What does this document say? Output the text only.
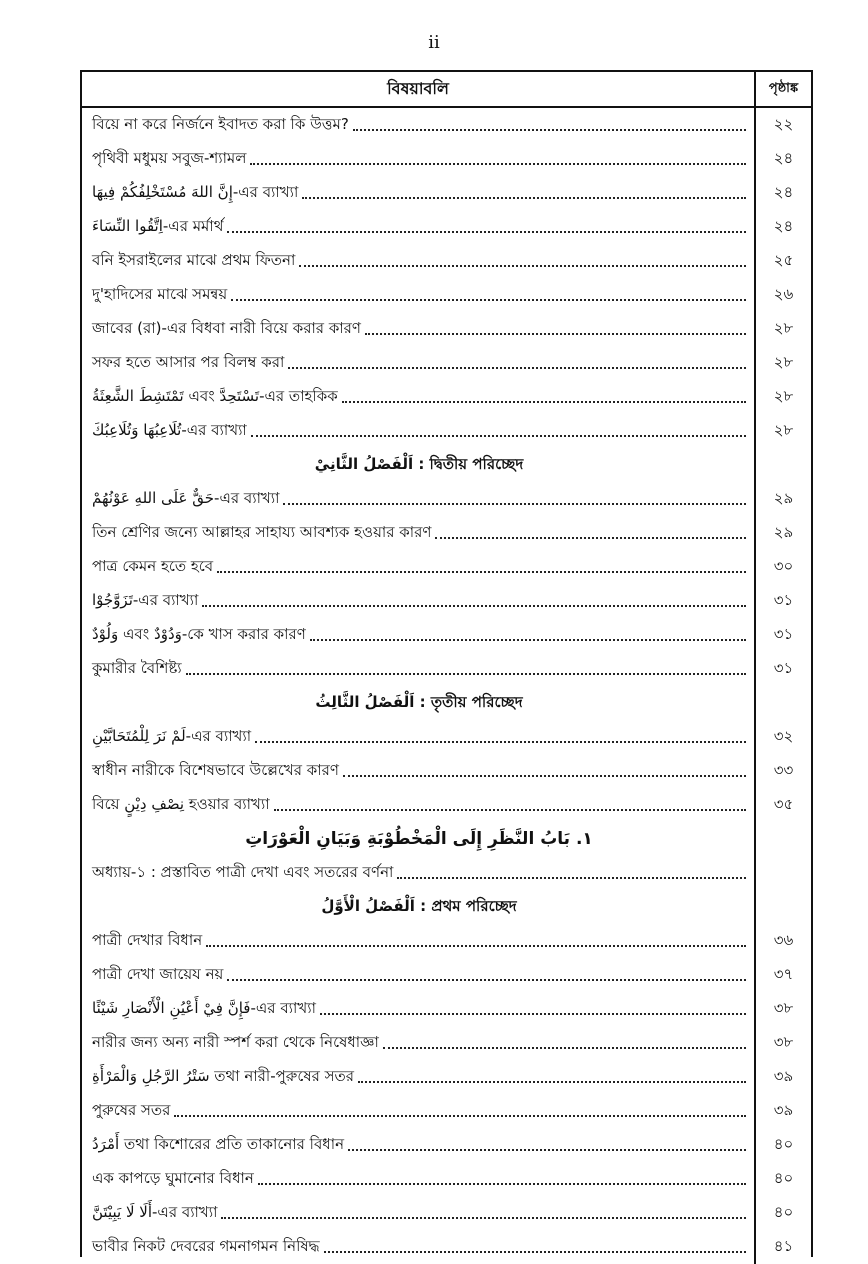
ii
বিষয়াবলি	পৃষ্ঠাঙ্ক
বিয়ে না করে নির্জনে ইবাদত করা কি উত্তম?	২২
পৃথিবী মধুময় সবুজ-শ্যামল	২৪
إِنَّ اللهَ مُسْتَخْلِفُكُمْ فِيهَا-এর ব্যাখ্যা	২৪
اِتَّقُوا النِّسَاءَ-এর মর্মার্থ	২৪
বনি ইসরাইলের মাঝে প্রথম ফিতনা	২৫
দু'হাদিসের মাঝে সমন্বয়	২৬
জাবের (রা)-এর বিধবা নারী বিয়ে করার কারণ	২৮
সফর হতে আসার পর বিলম্ব করা	২৮
تَمْتَشِطَ الشَّعِثَةُ এবং تَسْتَحِدَّ-এর তাহকিক	২৮
تُلَاعِبُهَا وَتُلَاعِبُكَ-এর ব্যাখ্যা	২৮
اَلْفَصْلُ الثَّانِيْ : দ্বিতীয় পরিচ্ছেদ
حَقٌّ عَلَى اللهِ عَوْنُهُمْ-এর ব্যাখ্যা	২৯
তিন শ্রেণির জন্যে আল্লাহর সাহায্য আবশ্যক হওয়ার কারণ	২৯
পাত্র কেমন হতে হবে	৩০
تَزَوَّجُوْا-এর ব্যাখ্যা	৩১
وَلُوْدٌ এবং وَدُوْدٌ-কে খাস করার কারণ	৩১
কুমারীর বৈশিষ্ট্য	৩১
اَلْفَصْلُ الثَّالِثُ : তৃতীয় পরিচ্ছেদ
لَمْ نَرَ لِلْمُتَحَابَّيْنِ-এর ব্যাখ্যা	৩২
স্বাধীন নারীকে বিশেষভাবে উল্লেখের কারণ	৩৩
বিয়ে نِصْفِ دِيْنٍ হওয়ার ব্যাখ্যা	৩৫
١. بَابُ النَّظَرِ إِلَى الْمَخْطُوْبَةِ وَبَيَانِ الْعَوْرَاتِ
অধ্যায়-১ : প্রস্তাবিত পাত্রী দেখা এবং সতরের বর্ণনা
اَلْفَصْلُ الْأَوَّلُ : প্রথম পরিচ্ছেদ
পাত্রী দেখার বিধান	৩৬
পাত্রী দেখা জায়েয নয়	৩৭
فَإِنَّ فِيْ أَعْيُنِ الْأَنْصَارِ شَيْئًا-এর ব্যাখ্যা	৩৮
নারীর জন্য অন্য নারী স্পর্শ করা থেকে নিষেধাজ্ঞা	৩৮
سَتْرُ الرَّجُلِ وَالْمَرْأَةِ তথা নারী-পুরুষের সতর	৩৯
পুরুষের সতর	৩৯
أَمْرَدُ তথা কিশোরের প্রতি তাকানোর বিধান	৪০
এক কাপড়ে ঘুমানোর বিধান	৪০
أَلَا لَا يَبِيْتَنَّ-এর ব্যাখ্যা	৪০
ভাবীর নিকট দেবরের গমনাগমন নিষিদ্ধ	৪১
